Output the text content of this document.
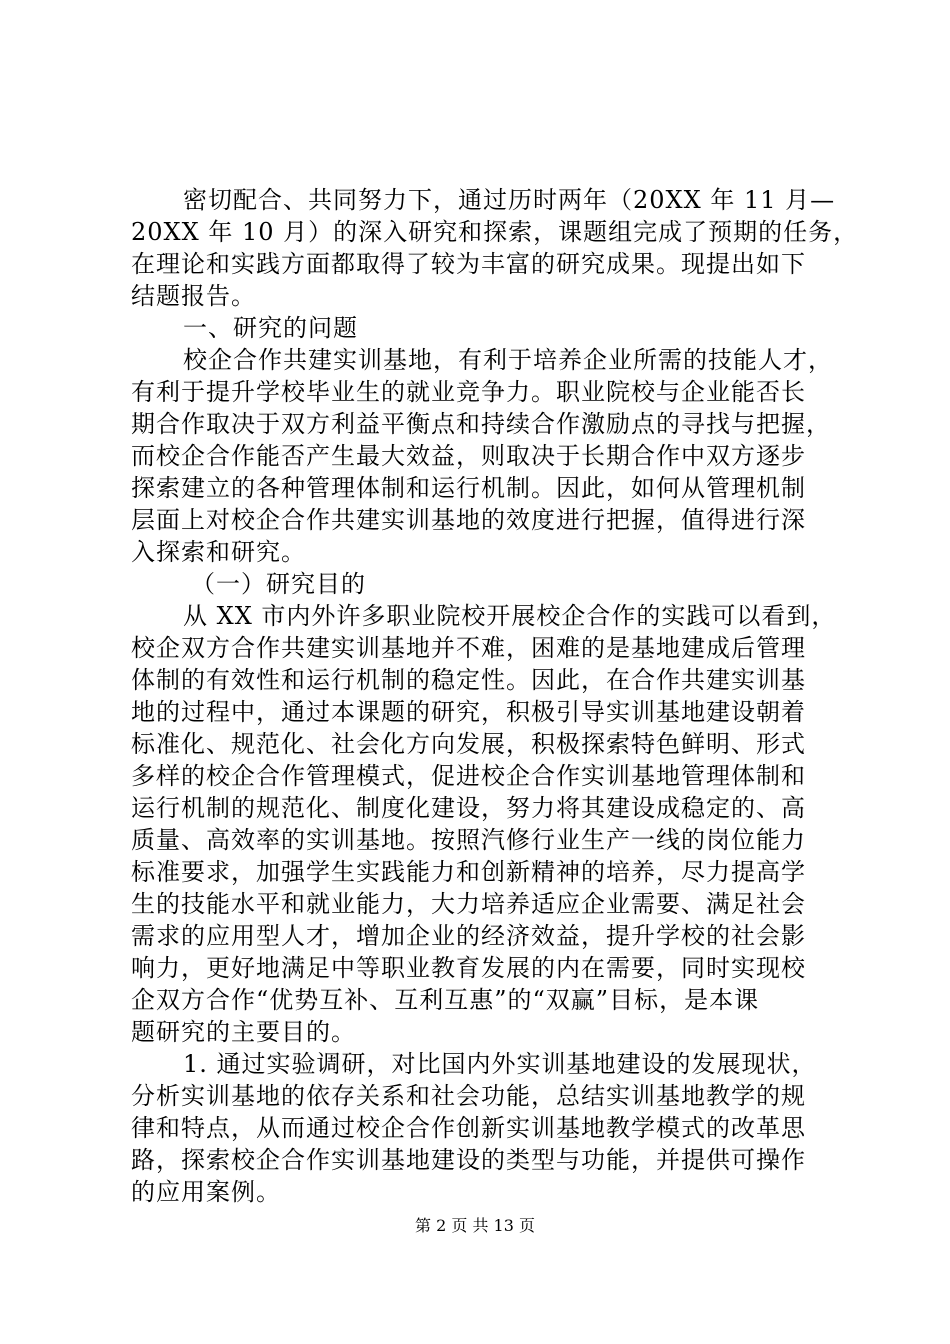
密切配合、共同努力下，通过历时两年（20XX 年 11 月—
20XX 年 10 月）的深入研究和探索，课题组完成了预期的任务，
在理论和实践方面都取得了较为丰富的研究成果。现提出如下
结题报告。
一、研究的问题
校企合作共建实训基地，有利于培养企业所需的技能人才，
有利于提升学校毕业生的就业竞争力。职业院校与企业能否长
期合作取决于双方利益平衡点和持续合作激励点的寻找与把握，
而校企合作能否产生最大效益，则取决于长期合作中双方逐步
探索建立的各种管理体制和运行机制。因此，如何从管理机制
层面上对校企合作共建实训基地的效度进行把握，值得进行深
入探索和研究。
（一）研究目的
从 XX 市内外许多职业院校开展校企合作的实践可以看到，
校企双方合作共建实训基地并不难，困难的是基地建成后管理
体制的有效性和运行机制的稳定性。因此，在合作共建实训基
地的过程中，通过本课题的研究，积极引导实训基地建设朝着
标准化、规范化、社会化方向发展，积极探索特色鲜明、形式
多样的校企合作管理模式，促进校企合作实训基地管理体制和
运行机制的规范化、制度化建设，努力将其建设成稳定的、高
质量、高效率的实训基地。按照汽修行业生产一线的岗位能力
标准要求，加强学生实践能力和创新精神的培养，尽力提高学
生的技能水平和就业能力，大力培养适应企业需要、满足社会
需求的应用型人才，增加企业的经济效益，提升学校的社会影
响力，更好地满足中等职业教育发展的内在需要，同时实现校
企双方合作“优势互补、互利互惠”的“双赢”目标，是本课
题研究的主要目的。
1. 通过实验调研，对比国内外实训基地建设的发展现状，
分析实训基地的依存关系和社会功能，总结实训基地教学的规
律和特点，从而通过校企合作创新实训基地教学模式的改革思
路，探索校企合作实训基地建设的类型与功能，并提供可操作
的应用案例。
第 2 页 共 13 页
